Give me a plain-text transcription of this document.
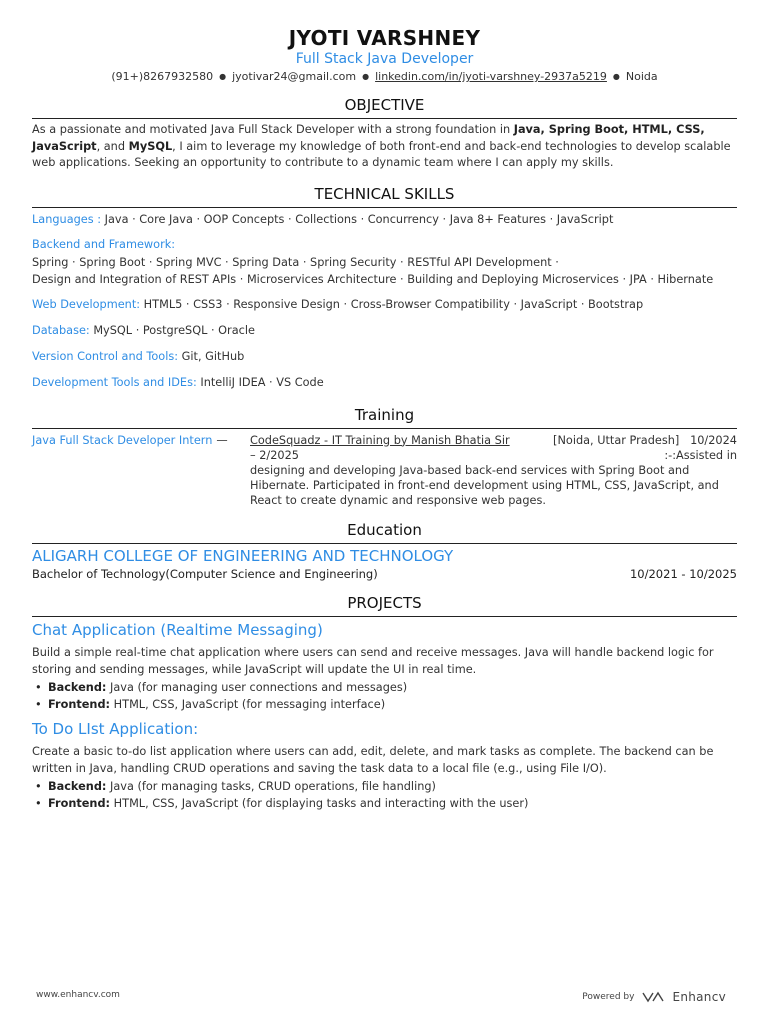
JYOTI VARSHNEY
Full Stack Java Developer
(91+)8267932580 ● jyotivar24@gmail.com ● linkedin.com/in/jyoti-varshney-2937a5219 ● Noida
OBJECTIVE
As a passionate and motivated Java Full Stack Developer with a strong foundation in Java, Spring Boot, HTML, CSS, JavaScript, and MySQL, I aim to leverage my knowledge of both front-end and back-end technologies to develop scalable web applications. Seeking an opportunity to contribute to a dynamic team where I can apply my skills.
TECHNICAL SKILLS
Languages : Java · Core Java · OOP Concepts · Collections · Concurrency · Java 8+ Features · JavaScript
Backend and Framework:
Spring · Spring Boot · Spring MVC · Spring Data · Spring Security · RESTful API Development ·
Design and Integration of REST APIs · Microservices Architecture · Building and Deploying Microservices · JPA · Hibernate
Web Development: HTML5 · CSS3 · Responsive Design · Cross-Browser Compatibility · JavaScript · Bootstrap
Database: MySQL · PostgreSQL · Oracle
Version Control and Tools: Git, GitHub
Development Tools and IDEs: IntelliJ IDEA · VS Code
Training
Java Full Stack Developer Intern —	CodeSquadz - IT Training by Manish Bhatia Sir	[Noida, Uttar Pradesh] 10/2024
– 2/2025	:-:Assisted in
designing and developing Java-based back-end services with Spring Boot and Hibernate. Participated in front-end development using HTML, CSS, JavaScript, and React to create dynamic and responsive web pages.
Education
ALIGARH COLLEGE OF ENGINEERING AND TECHNOLOGY
Bachelor of Technology(Computer Science and Engineering)	10/2021 - 10/2025
PROJECTS
Chat Application (Realtime Messaging)
Build a simple real-time chat application where users can send and receive messages. Java will handle backend logic for storing and sending messages, while JavaScript will update the UI in real time.
• Backend: Java (for managing user connections and messages)
• Frontend: HTML, CSS, JavaScript (for messaging interface)
To Do LIst Application:
Create a basic to-do list application where users can add, edit, delete, and mark tasks as complete. The backend can be written in Java, handling CRUD operations and saving the task data to a local file (e.g., using File I/O).
• Backend: Java (for managing tasks, CRUD operations, file handling)
• Frontend: HTML, CSS, JavaScript (for displaying tasks and interacting with the user)
www.enhancv.com	Powered by	Enhancv
